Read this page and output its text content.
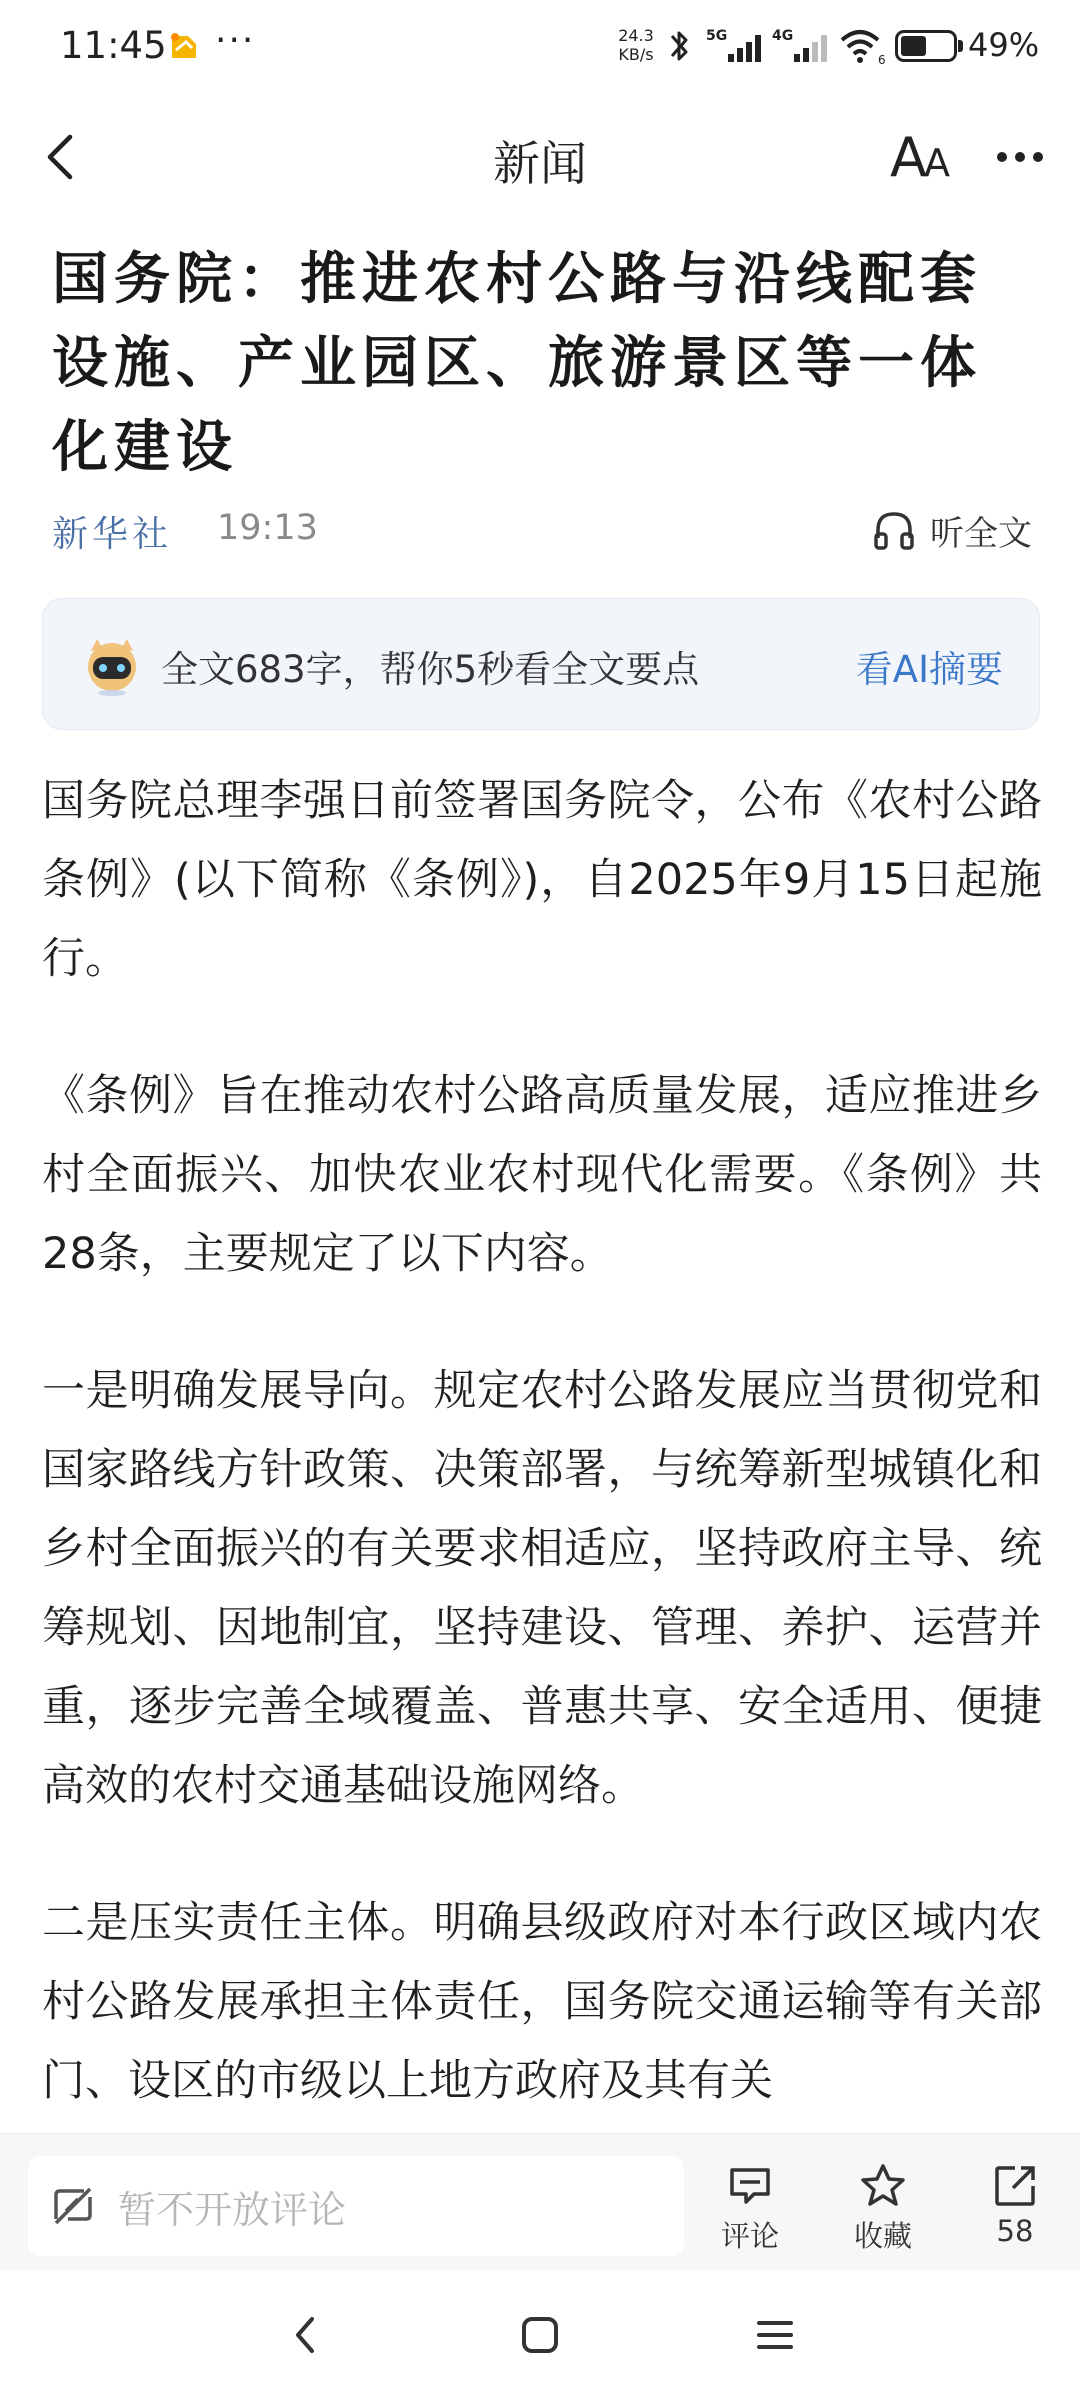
11:45 ···	24.3
KB/s
5G	4G
6	49%
新闻	A
A
国务院：推进农村公路与沿线配套设施、产业园区、旅游景区等一体化建设
新华社 19:13	听全文
全文683字，帮你5秒看全文要点	看AI摘要

国务院总理李强日前签署国务院令，公布《农村公路条例》(以下简称《条例》)，自2025年9月15日起施行。

《条例》旨在推动农村公路高质量发展，适应推进乡村全面振兴、加快农业农村现代化需要。《条例》共28条，主要规定了以下内容。

一是明确发展导向。规定农村公路发展应当贯彻党和国家路线方针政策、决策部署，与统筹新型城镇化和乡村全面振兴的有关要求相适应，坚持政府主导、统筹规划、因地制宜，坚持建设、管理、养护、运营并重，逐步完善全域覆盖、普惠共享、安全适用、便捷高效的农村交通基础设施网络。

二是压实责任主体。明确县级政府对本行政区域内农村公路发展承担主体责任，国务院交通运输等有关部门、设区的市级以上地方政府及其有关

暂不开放评论
评论	收藏	58
